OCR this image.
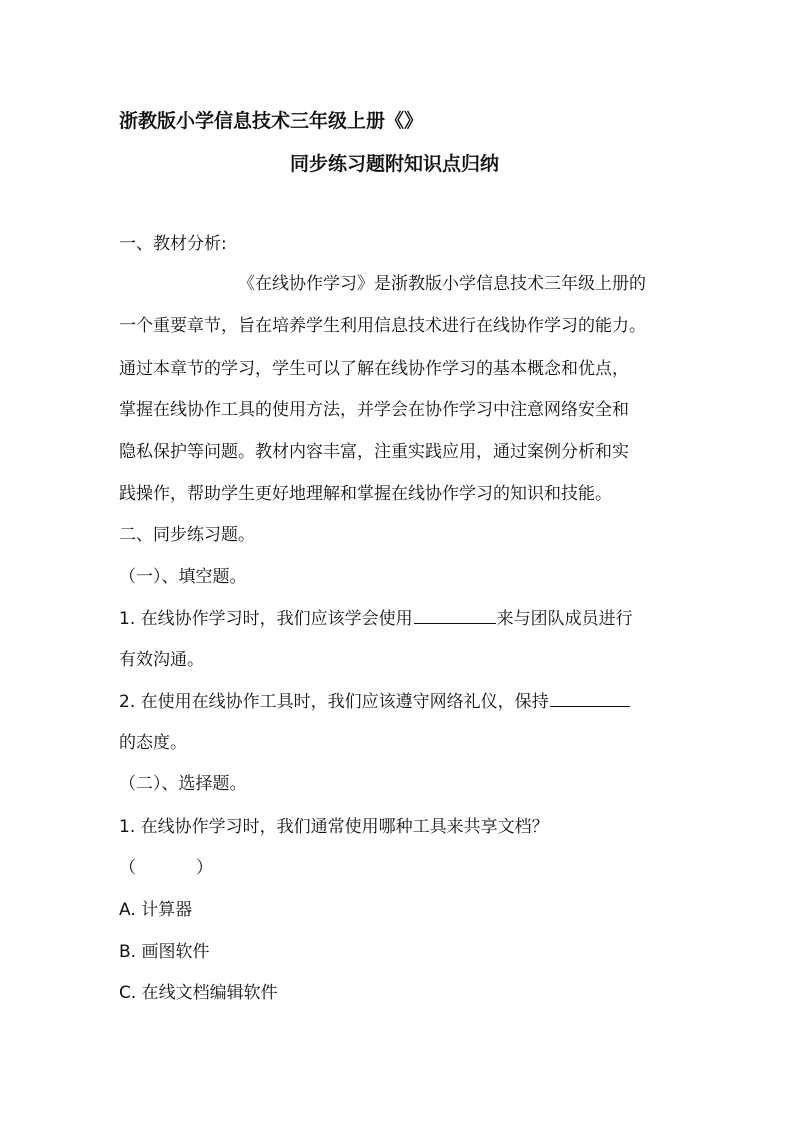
浙教版小学信息技术三年级上册《》
同步练习题附知识点归纳
一、教材分析:
《在线协作学习》是浙教版小学信息技术三年级上册的
一个重要章节，旨在培养学生利用信息技术进行在线协作学习的能力。
通过本章节的学习，学生可以了解在线协作学习的基本概念和优点，
掌握在线协作工具的使用方法，并学会在协作学习中注意网络安全和
隐私保护等问题。教材内容丰富，注重实践应用，通过案例分析和实
践操作，帮助学生更好地理解和掌握在线协作学习的知识和技能。
二、同步练习题。
（一）、填空题。
1. 在线协作学习时，我们应该学会使用	来与团队成员进行
有效沟通。
2. 在使用在线协作工具时，我们应该遵守网络礼仪，保持
的态度。
（二）、选择题。
1. 在线协作学习时，我们通常使用哪种工具来共享文档？
（	）
A. 计算器
B. 画图软件
C. 在线文档编辑软件
